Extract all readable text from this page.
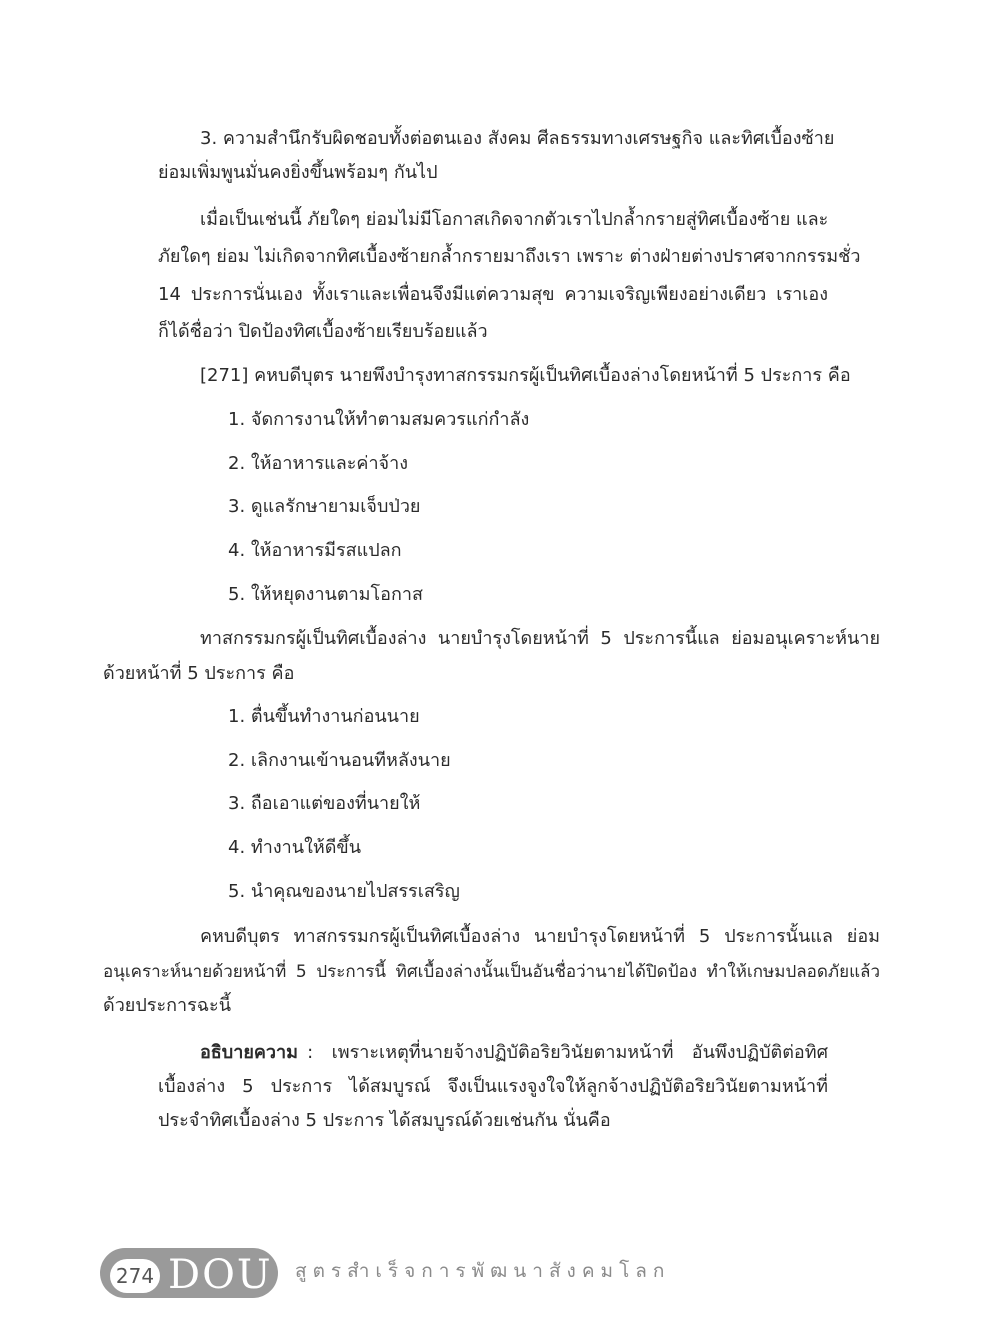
3. ความสำนึกรับผิดชอบทั้งต่อตนเอง สังคม ศีลธรรมทางเศรษฐกิจ และทิศเบื้องซ้าย
ย่อมเพิ่มพูนมั่นคงยิ่งขึ้นพร้อมๆ กันไป
เมื่อเป็นเช่นนี้ ภัยใดๆ ย่อมไม่มีโอกาสเกิดจากตัวเราไปกล้ำกรายสู่ทิศเบื้องซ้าย และ
ภัยใดๆ ย่อม ไม่เกิดจากทิศเบื้องซ้ายกล้ำกรายมาถึงเรา เพราะ ต่างฝ่ายต่างปราศจากกรรมชั่ว
14 ประการนั่นเอง ทั้งเราและเพื่อนจึงมีแต่ความสุข ความเจริญเพียงอย่างเดียว เราเอง
ก็ได้ชื่อว่า ปิดป้องทิศเบื้องซ้ายเรียบร้อยแล้ว
[271] คหบดีบุตร นายพึงบำรุงทาสกรรมกรผู้เป็นทิศเบื้องล่างโดยหน้าที่ 5 ประการ คือ
1. จัดการงานให้ทำตามสมควรแก่กำลัง
2. ให้อาหารและค่าจ้าง
3. ดูแลรักษายามเจ็บป่วย
4. ให้อาหารมีรสแปลก
5. ให้หยุดงานตามโอกาส
ทาสกรรมกรผู้เป็นทิศเบื้องล่าง นายบำรุงโดยหน้าที่ 5 ประการนี้แล ย่อมอนุเคราะห์นาย
ด้วยหน้าที่ 5 ประการ คือ
1. ตื่นขึ้นทำงานก่อนนาย
2. เลิกงานเข้านอนทีหลังนาย
3. ถือเอาแต่ของที่นายให้
4. ทำงานให้ดีขึ้น
5. นำคุณของนายไปสรรเสริญ
คหบดีบุตร ทาสกรรมกรผู้เป็นทิศเบื้องล่าง นายบำรุงโดยหน้าที่ 5 ประการนั้นแล ย่อม
อนุเคราะห์นายด้วยหน้าที่ 5 ประการนี้ ทิศเบื้องล่างนั้นเป็นอันชื่อว่านายได้ปิดป้อง ทำให้เกษมปลอดภัยแล้ว
ด้วยประการฉะนี้
อธิบายความ :  เพราะเหตุที่นายจ้างปฏิบัติอริยวินัยตามหน้าที่  อันพึงปฏิบัติต่อทิศ
เบื้องล่าง 5 ประการ ได้สมบูรณ์ จึงเป็นแรงจูงใจให้ลูกจ้างปฏิบัติอริยวินัยตามหน้าที่
ประจำทิศเบื้องล่าง 5 ประการ ได้สมบูรณ์ด้วยเช่นกัน นั่นคือ
274 DOU สูตรสำเร็จการพัฒนาสังคมโลก
